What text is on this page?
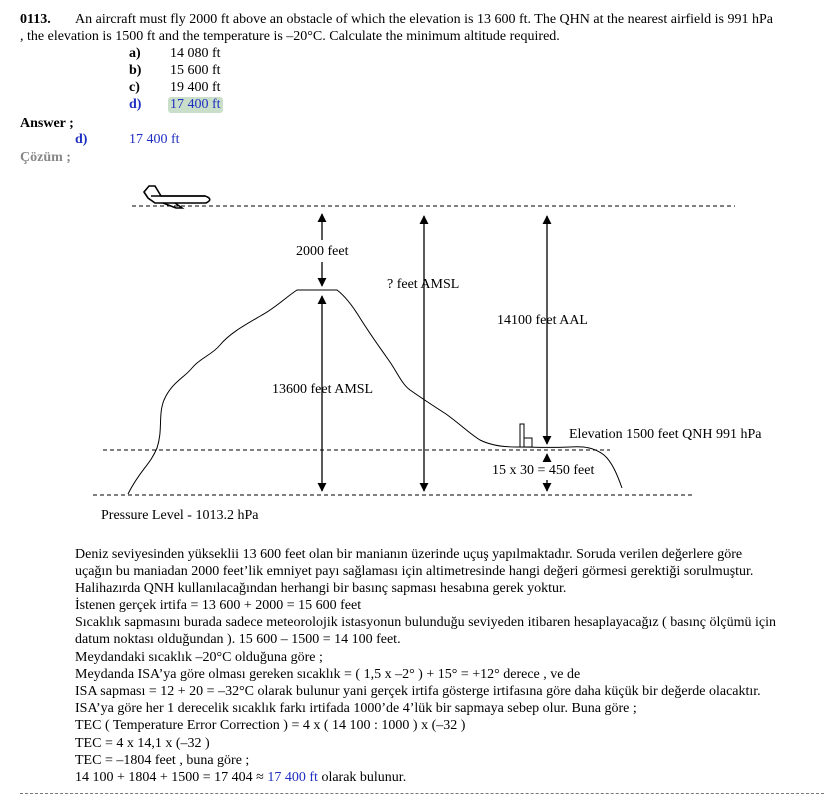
0113. An aircraft must fly 2000 ft above an obstacle of which the elevation is 13 600 ft. The QHN at the nearest airfield is 991 hPa
, the elevation is 1500 ft and the temperature is –20°C. Calculate the minimum altitude required.
a) 14 080 ft
b) 15 600 ft
c) 19 400 ft
d) 17 400 ft
Answer ;
d)	17 400 ft
Çözüm ;
2000 feet
? feet AMSL
14100 feet AAL
13600 feet AMSL
Elevation 1500 feet QNH 991 hPa
15 x 30 = 450 feet
Pressure Level - 1013.2 hPa
Deniz seviyesinden yükseklii 13 600 feet olan bir manianın üzerinde uçuş yapılmaktadır. Soruda verilen değerlere göre
uçağın bu maniadan 2000 feet’lik emniyet payı sağlaması için altimetresinde hangi değeri görmesi gerektiği sorulmuştur.
Halihazırda QNH kullanılacağından herhangi bir basınç sapması hesabına gerek yoktur.
İstenen gerçek irtifa = 13 600 + 2000 = 15 600 feet
Sıcaklık sapmasını burada sadece meteorolojik istasyonun bulunduğu seviyeden itibaren hesaplayacağız ( basınç ölçümü için
datum noktası olduğundan ). 15 600 – 1500 = 14 100 feet.
Meydandaki sıcaklık –20°C olduğuna göre ;
Meydanda ISA’ya göre olması gereken sıcaklık = ( 1,5 x –2° ) + 15° = +12° derece , ve de
ISA sapması = 12 + 20 = –32°C olarak bulunur yani gerçek irtifa gösterge irtifasına göre daha küçük bir değerde olacaktır.
ISA’ya göre her 1 derecelik sıcaklık farkı irtifada 1000’de 4’lük bir sapmaya sebep olur. Buna göre ;
TEC ( Temperature Error Correction ) = 4 x ( 14 100 : 1000 ) x (–32 )
TEC = 4 x 14,1 x (–32 )
TEC = –1804 feet , buna göre ;
14 100 + 1804 + 1500 = 17 404 ≈ 17 400 ft olarak bulunur.
